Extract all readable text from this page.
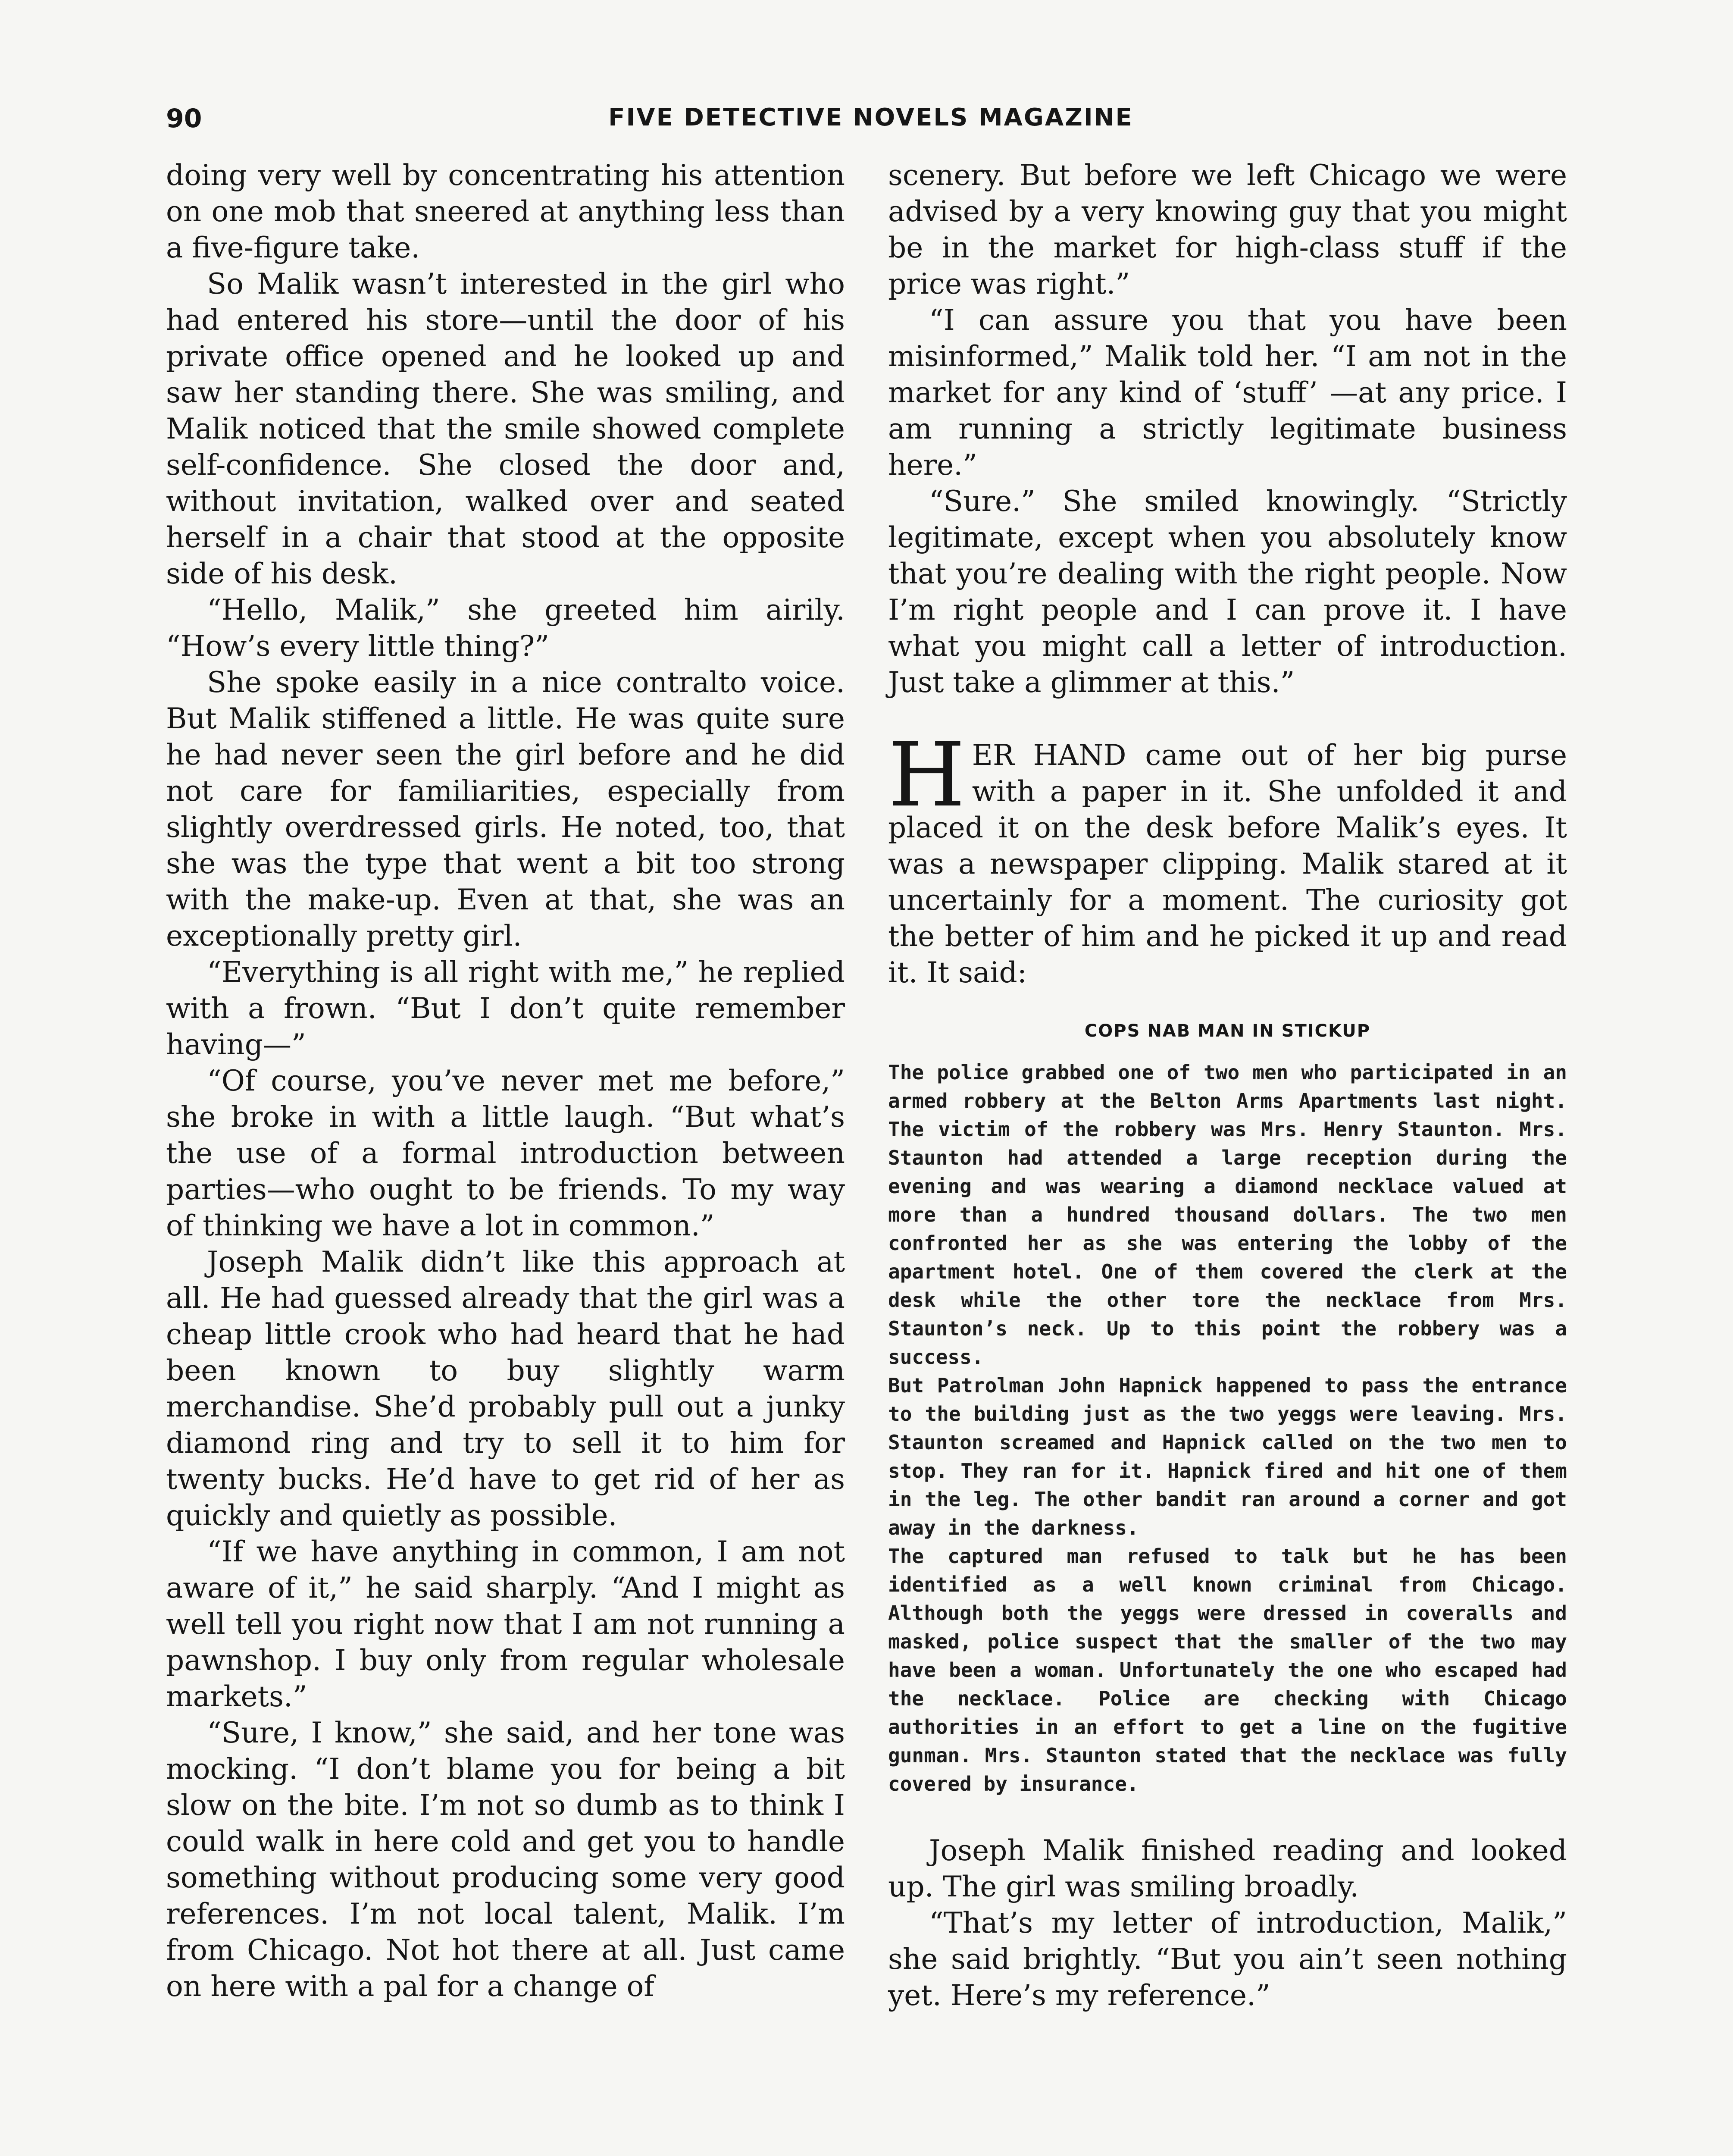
90	FIVE DETECTIVE NOVELS MAGAZINE

doing very well by concentrating his attention on one mob that sneered at anything less than a five-figure take.

So Malik wasn’t interested in the girl who had entered his store—until the door of his private office opened and he looked up and saw her standing there. She was smiling, and Malik noticed that the smile showed complete self-confidence. She closed the door and, without invitation, walked over and seated herself in a chair that stood at the opposite side of his desk.

“Hello, Malik,” she greeted him airily. “How’s every little thing?”

She spoke easily in a nice contralto voice. But Malik stiffened a little. He was quite sure he had never seen the girl before and he did not care for familiarities, especially from slightly overdressed girls. He noted, too, that she was the type that went a bit too strong with the make-up. Even at that, she was an exceptionally pretty girl.

“Everything is all right with me,” he replied with a frown. “But I don’t quite remember having—”

“Of course, you’ve never met me before,” she broke in with a little laugh. “But what’s the use of a formal introduction between parties—who ought to be friends. To my way of thinking we have a lot in common.”

Joseph Malik didn’t like this approach at all. He had guessed already that the girl was a cheap little crook who had heard that he had been known to buy slightly warm merchandise. She’d probably pull out a junky diamond ring and try to sell it to him for twenty bucks. He’d have to get rid of her as quickly and quietly as possible.

“If we have anything in common, I am not aware of it,” he said sharply. “And I might as well tell you right now that I am not running a pawnshop. I buy only from regular wholesale markets.”

“Sure, I know,” she said, and her tone was mocking. “I don’t blame you for being a bit slow on the bite. I’m not so dumb as to think I could walk in here cold and get you to handle something without producing some very good references. I’m not local talent, Malik. I’m from Chicago. Not hot there at all. Just came on here with a pal for a change of

scenery. But before we left Chicago we were advised by a very knowing guy that you might be in the market for high-class stuff if the price was right.”

“I can assure you that you have been misinformed,” Malik told her. “I am not in the market for any kind of ‘stuff’ —at any price. I am running a strictly legitimate business here.”

“Sure.” She smiled knowingly. “Strictly legitimate, except when you absolutely know that you’re dealing with the right people. Now I’m right people and I can prove it. I have what you might call a letter of introduction. Just take a glimmer at this.”

HER HAND came out of her big purse with a paper in it. She unfolded it and placed it on the desk before Malik’s eyes. It was a newspaper clipping. Malik stared at it uncertainly for a moment. The curiosity got the better of him and he picked it up and read it. It said:

COPS NAB MAN IN STICKUP

The police grabbed one of two men who participated in an armed robbery at the Belton Arms Apartments last night. The victim of the robbery was Mrs. Henry Staunton. Mrs. Staunton had attended a large reception during the evening and was wearing a diamond necklace valued at more than a hundred thousand dollars. The two men confronted her as she was entering the lobby of the apartment hotel. One of them covered the clerk at the desk while the other tore the necklace from Mrs. Staunton’s neck. Up to this point the robbery was a success.

But Patrolman John Hapnick happened to pass the entrance to the building just as the two yeggs were leaving. Mrs. Staunton screamed and Hapnick called on the two men to stop. They ran for it. Hapnick fired and hit one of them in the leg. The other bandit ran around a corner and got away in the darkness.

The captured man refused to talk but he has been identified as a well known criminal from Chicago. Although both the yeggs were dressed in coveralls and masked, police suspect that the smaller of the two may have been a woman. Unfortunately the one who escaped had the necklace. Police are checking with Chicago authorities in an effort to get a line on the fugitive gunman. Mrs. Staunton stated that the necklace was fully covered by insurance.

Joseph Malik finished reading and looked up. The girl was smiling broadly.

“That’s my letter of introduction, Malik,” she said brightly. “But you ain’t seen nothing yet. Here’s my reference.”
